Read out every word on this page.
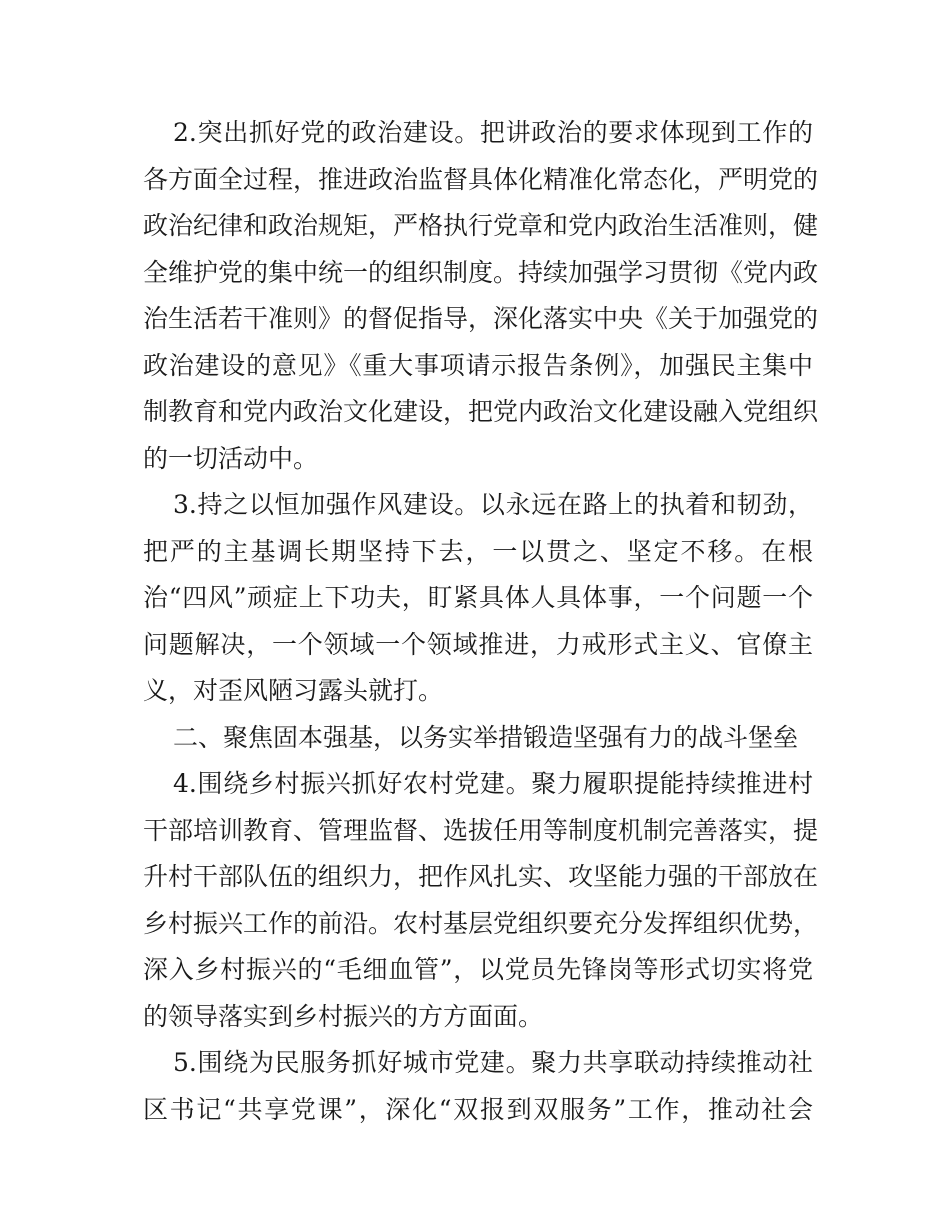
2.突出抓好党的政治建设。把讲政治的要求体现到工作的
各方面全过程，推进政治监督具体化精准化常态化，严明党的
政治纪律和政治规矩，严格执行党章和党内政治生活准则，健
全维护党的集中统一的组织制度。持续加强学习贯彻《党内政
治生活若干准则》的督促指导，深化落实中央《关于加强党的
政治建设的意见》《重大事项请示报告条例》，加强民主集中
制教育和党内政治文化建设，把党内政治文化建设融入党组织
的一切活动中。
3.持之以恒加强作风建设。以永远在路上的执着和韧劲，
把严的主基调长期坚持下去，一以贯之、坚定不移。在根
治“四风”顽症上下功夫，盯紧具体人具体事，一个问题一个
问题解决，一个领域一个领域推进，力戒形式主义、官僚主
义，对歪风陋习露头就打。
二、聚焦固本强基，以务实举措锻造坚强有力的战斗堡垒
4.围绕乡村振兴抓好农村党建。聚力履职提能持续推进村
干部培训教育、管理监督、选拔任用等制度机制完善落实，提
升村干部队伍的组织力，把作风扎实、攻坚能力强的干部放在
乡村振兴工作的前沿。农村基层党组织要充分发挥组织优势，
深入乡村振兴的“毛细血管”，以党员先锋岗等形式切实将党
的领导落实到乡村振兴的方方面面。
5.围绕为民服务抓好城市党建。聚力共享联动持续推动社
区书记“共享党课”，深化“双报到双服务”工作，推动社会
